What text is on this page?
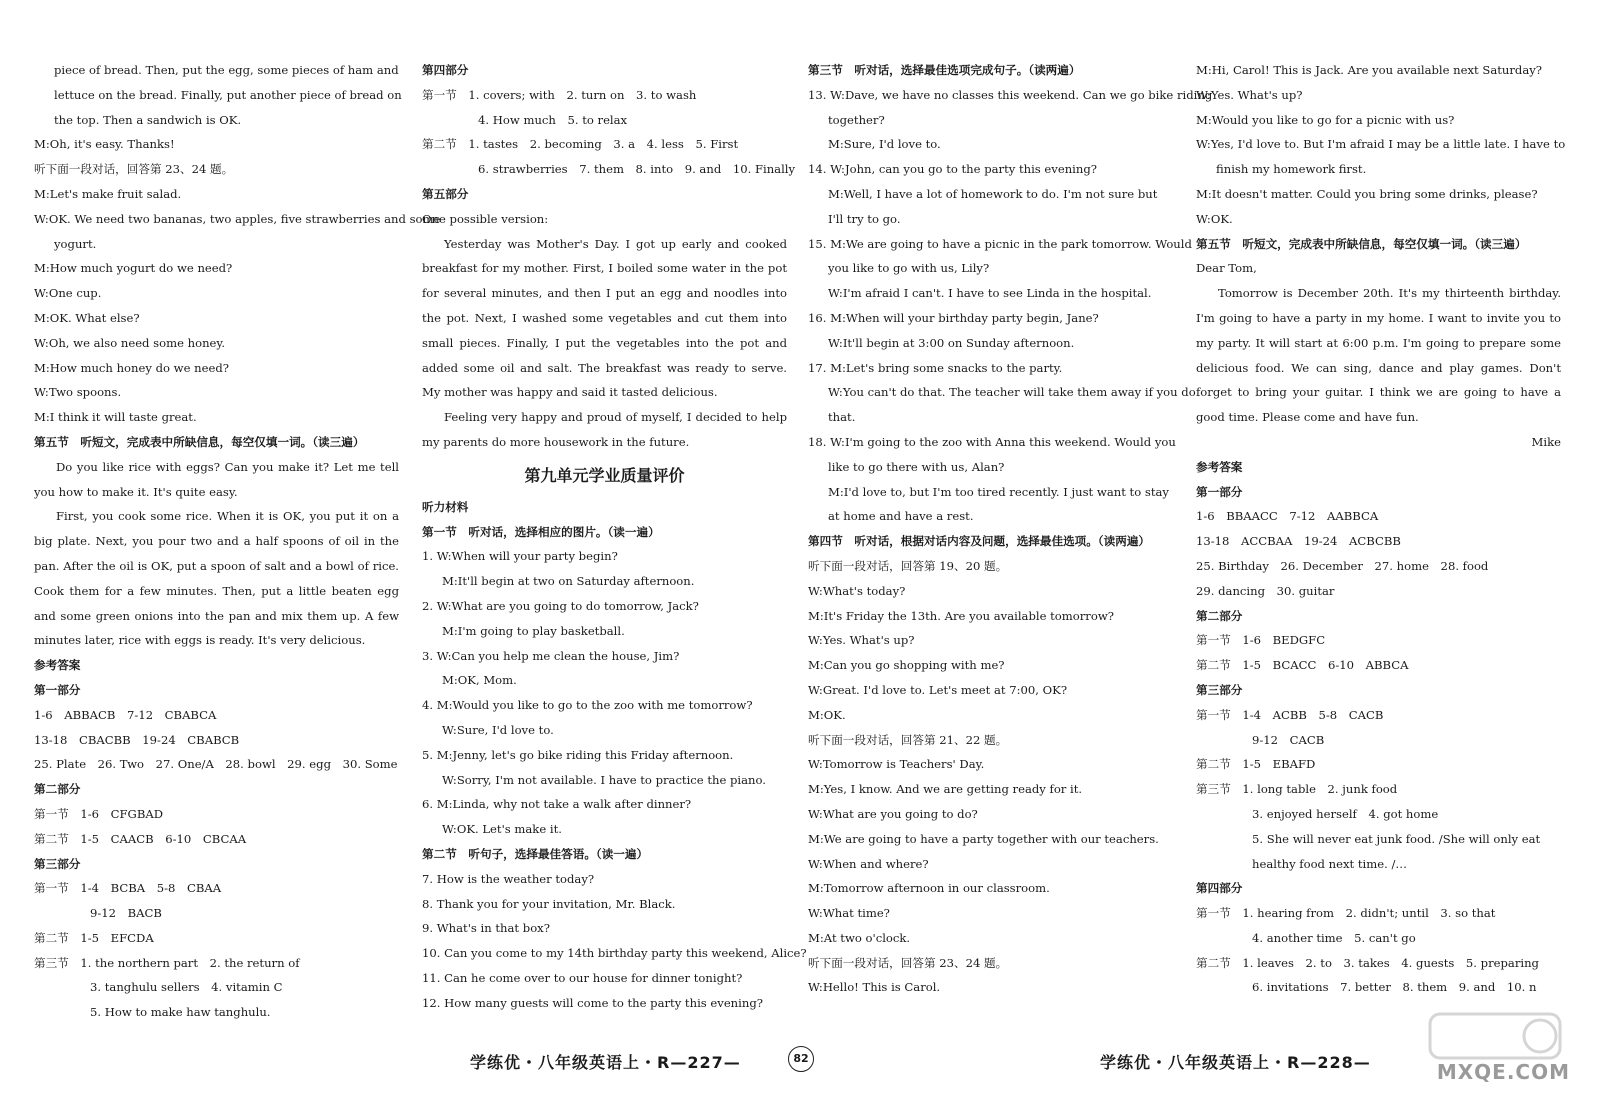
piece of bread. Then, put the egg, some pieces of ham and
lettuce on the bread. Finally, put another piece of bread on
the top. Then a sandwich is OK.
M:Oh, it's easy. Thanks!
听下面一段对话，回答第 23、24 题。
M:Let's make fruit salad.
W:OK. We need two bananas, two apples, five strawberries and some
yogurt.
M:How much yogurt do we need?
W:One cup.
M:OK. What else?
W:Oh, we also need some honey.
M:How much honey do we need?
W:Two spoons.
M:I think it will taste great.
第五节　听短文，完成表中所缺信息，每空仅填一词。（读三遍）
Do you like rice with eggs? Can you make it? Let me tell you how to make it. It's quite easy.
First, you cook some rice. When it is OK, you put it on a big plate. Next, you pour two and a half spoons of oil in the pan. After the oil is OK, put a spoon of salt and a bowl of rice. Cook them for a few minutes. Then, put a little beaten egg and some green onions into the pan and mix them up. A few minutes later, rice with eggs is ready. It's very delicious.
参考答案
第一部分
1-6　ABBACB　7-12　CBABCA
13-18　CBACBB　19-24　CBABCB
25. Plate　26. Two　27. One/A　28. bowl　29. egg　30. Some
第二部分
第一节　1-6　CFGBAD
第二节　1-5　CAACB　6-10　CBCAA
第三部分
第一节　1-4　BCBA　5-8　CBAA
9-12　BACB
第二节　1-5　EFCDA
第三节　1. the northern part　2. the return of
3. tanghulu sellers　4. vitamin C
5. How to make haw tanghulu.
第四部分
第一节　1. covers; with　2. turn on　3. to wash
4. How much　5. to relax
第二节　1. tastes　2. becoming　3. a　4. less　5. First
6. strawberries　7. them　8. into　9. and　10. Finally
第五部分
One possible version:
Yesterday was Mother's Day. I got up early and cooked breakfast for my mother. First, I boiled some water in the pot for several minutes, and then I put an egg and noodles into the pot. Next, I washed some vegetables and cut them into small pieces. Finally, I put the vegetables into the pot and added some oil and salt. The breakfast was ready to serve. My mother was happy and said it tasted delicious.
Feeling very happy and proud of myself, I decided to help my parents do more housework in the future.
第九单元学业质量评价
听力材料
第一节　听对话，选择相应的图片。（读一遍）
1. W:When will your party begin?
M:It'll begin at two on Saturday afternoon.
2. W:What are you going to do tomorrow, Jack?
M:I'm going to play basketball.
3. W:Can you help me clean the house, Jim?
M:OK, Mom.
4. M:Would you like to go to the zoo with me tomorrow?
W:Sure, I'd love to.
5. M:Jenny, let's go bike riding this Friday afternoon.
W:Sorry, I'm not available. I have to practice the piano.
6. M:Linda, why not take a walk after dinner?
W:OK. Let's make it.
第二节　听句子，选择最佳答语。（读一遍）
7. How is the weather today?
8. Thank you for your invitation, Mr. Black.
9. What's in that box?
10. Can you come to my 14th birthday party this weekend, Alice?
11. Can he come over to our house for dinner tonight?
12. How many guests will come to the party this evening?
第三节　听对话，选择最佳选项完成句子。（读两遍）
13. W:Dave, we have no classes this weekend. Can we go bike riding
together?
M:Sure, I'd love to.
14. W:John, can you go to the party this evening?
M:Well, I have a lot of homework to do. I'm not sure but
I'll try to go.
15. M:We are going to have a picnic in the park tomorrow. Would
you like to go with us, Lily?
W:I'm afraid I can't. I have to see Linda in the hospital.
16. M:When will your birthday party begin, Jane?
W:It'll begin at 3:00 on Sunday afternoon.
17. M:Let's bring some snacks to the party.
W:You can't do that. The teacher will take them away if you do
that.
18. W:I'm going to the zoo with Anna this weekend. Would you
like to go there with us, Alan?
M:I'd love to, but I'm too tired recently. I just want to stay
at home and have a rest.
第四节　听对话，根据对话内容及问题，选择最佳选项。（读两遍）
听下面一段对话，回答第 19、20 题。
W:What's today?
M:It's Friday the 13th. Are you available tomorrow?
W:Yes. What's up?
M:Can you go shopping with me?
W:Great. I'd love to. Let's meet at 7:00, OK?
M:OK.
听下面一段对话，回答第 21、22 题。
W:Tomorrow is Teachers' Day.
M:Yes, I know. And we are getting ready for it.
W:What are you going to do?
M:We are going to have a party together with our teachers.
W:When and where?
M:Tomorrow afternoon in our classroom.
W:What time?
M:At two o'clock.
听下面一段对话，回答第 23、24 题。
W:Hello! This is Carol.
M:Hi, Carol! This is Jack. Are you available next Saturday?
W:Yes. What's up?
M:Would you like to go for a picnic with us?
W:Yes, I'd love to. But I'm afraid I may be a little late. I have to
finish my homework first.
M:It doesn't matter. Could you bring some drinks, please?
W:OK.
第五节　听短文，完成表中所缺信息，每空仅填一词。（读三遍）
Dear Tom,
Tomorrow is December 20th. It's my thirteenth birthday. I'm going to have a party in my home. I want to invite you to my party. It will start at 6:00 p.m. I'm going to prepare some delicious food. We can sing, dance and play games. Don't forget to bring your guitar. I think we are going to have a good time. Please come and have fun.
Mike
参考答案
第一部分
1-6　BBAACC　7-12　AABBCA
13-18　ACCBAA　19-24　ACBCBB
25. Birthday　26. December　27. home　28. food
29. dancing　30. guitar
第二部分
第一节　1-6　BEDGFC
第二节　1-5　BCACC　6-10　ABBCA
第三部分
第一节　1-4　ACBB　5-8　CACB
9-12　CACB
第二节　1-5　EBAFD
第三节　1. long table　2. junk food
3. enjoyed herself　4. got home
5. She will never eat junk food. /She will only eat
healthy food next time. /…
第四部分
第一节　1. hearing from　2. didn't; until　3. so that
4. another time　5. can't go
第二节　1. leaves　2. to　3. takes　4. guests　5. preparing
6. invitations　7. better　8. them　9. and　10. n
学练优・八年级英语上・R—227—	82	学练优・八年级英语上・R—228—	MXQE.COM
